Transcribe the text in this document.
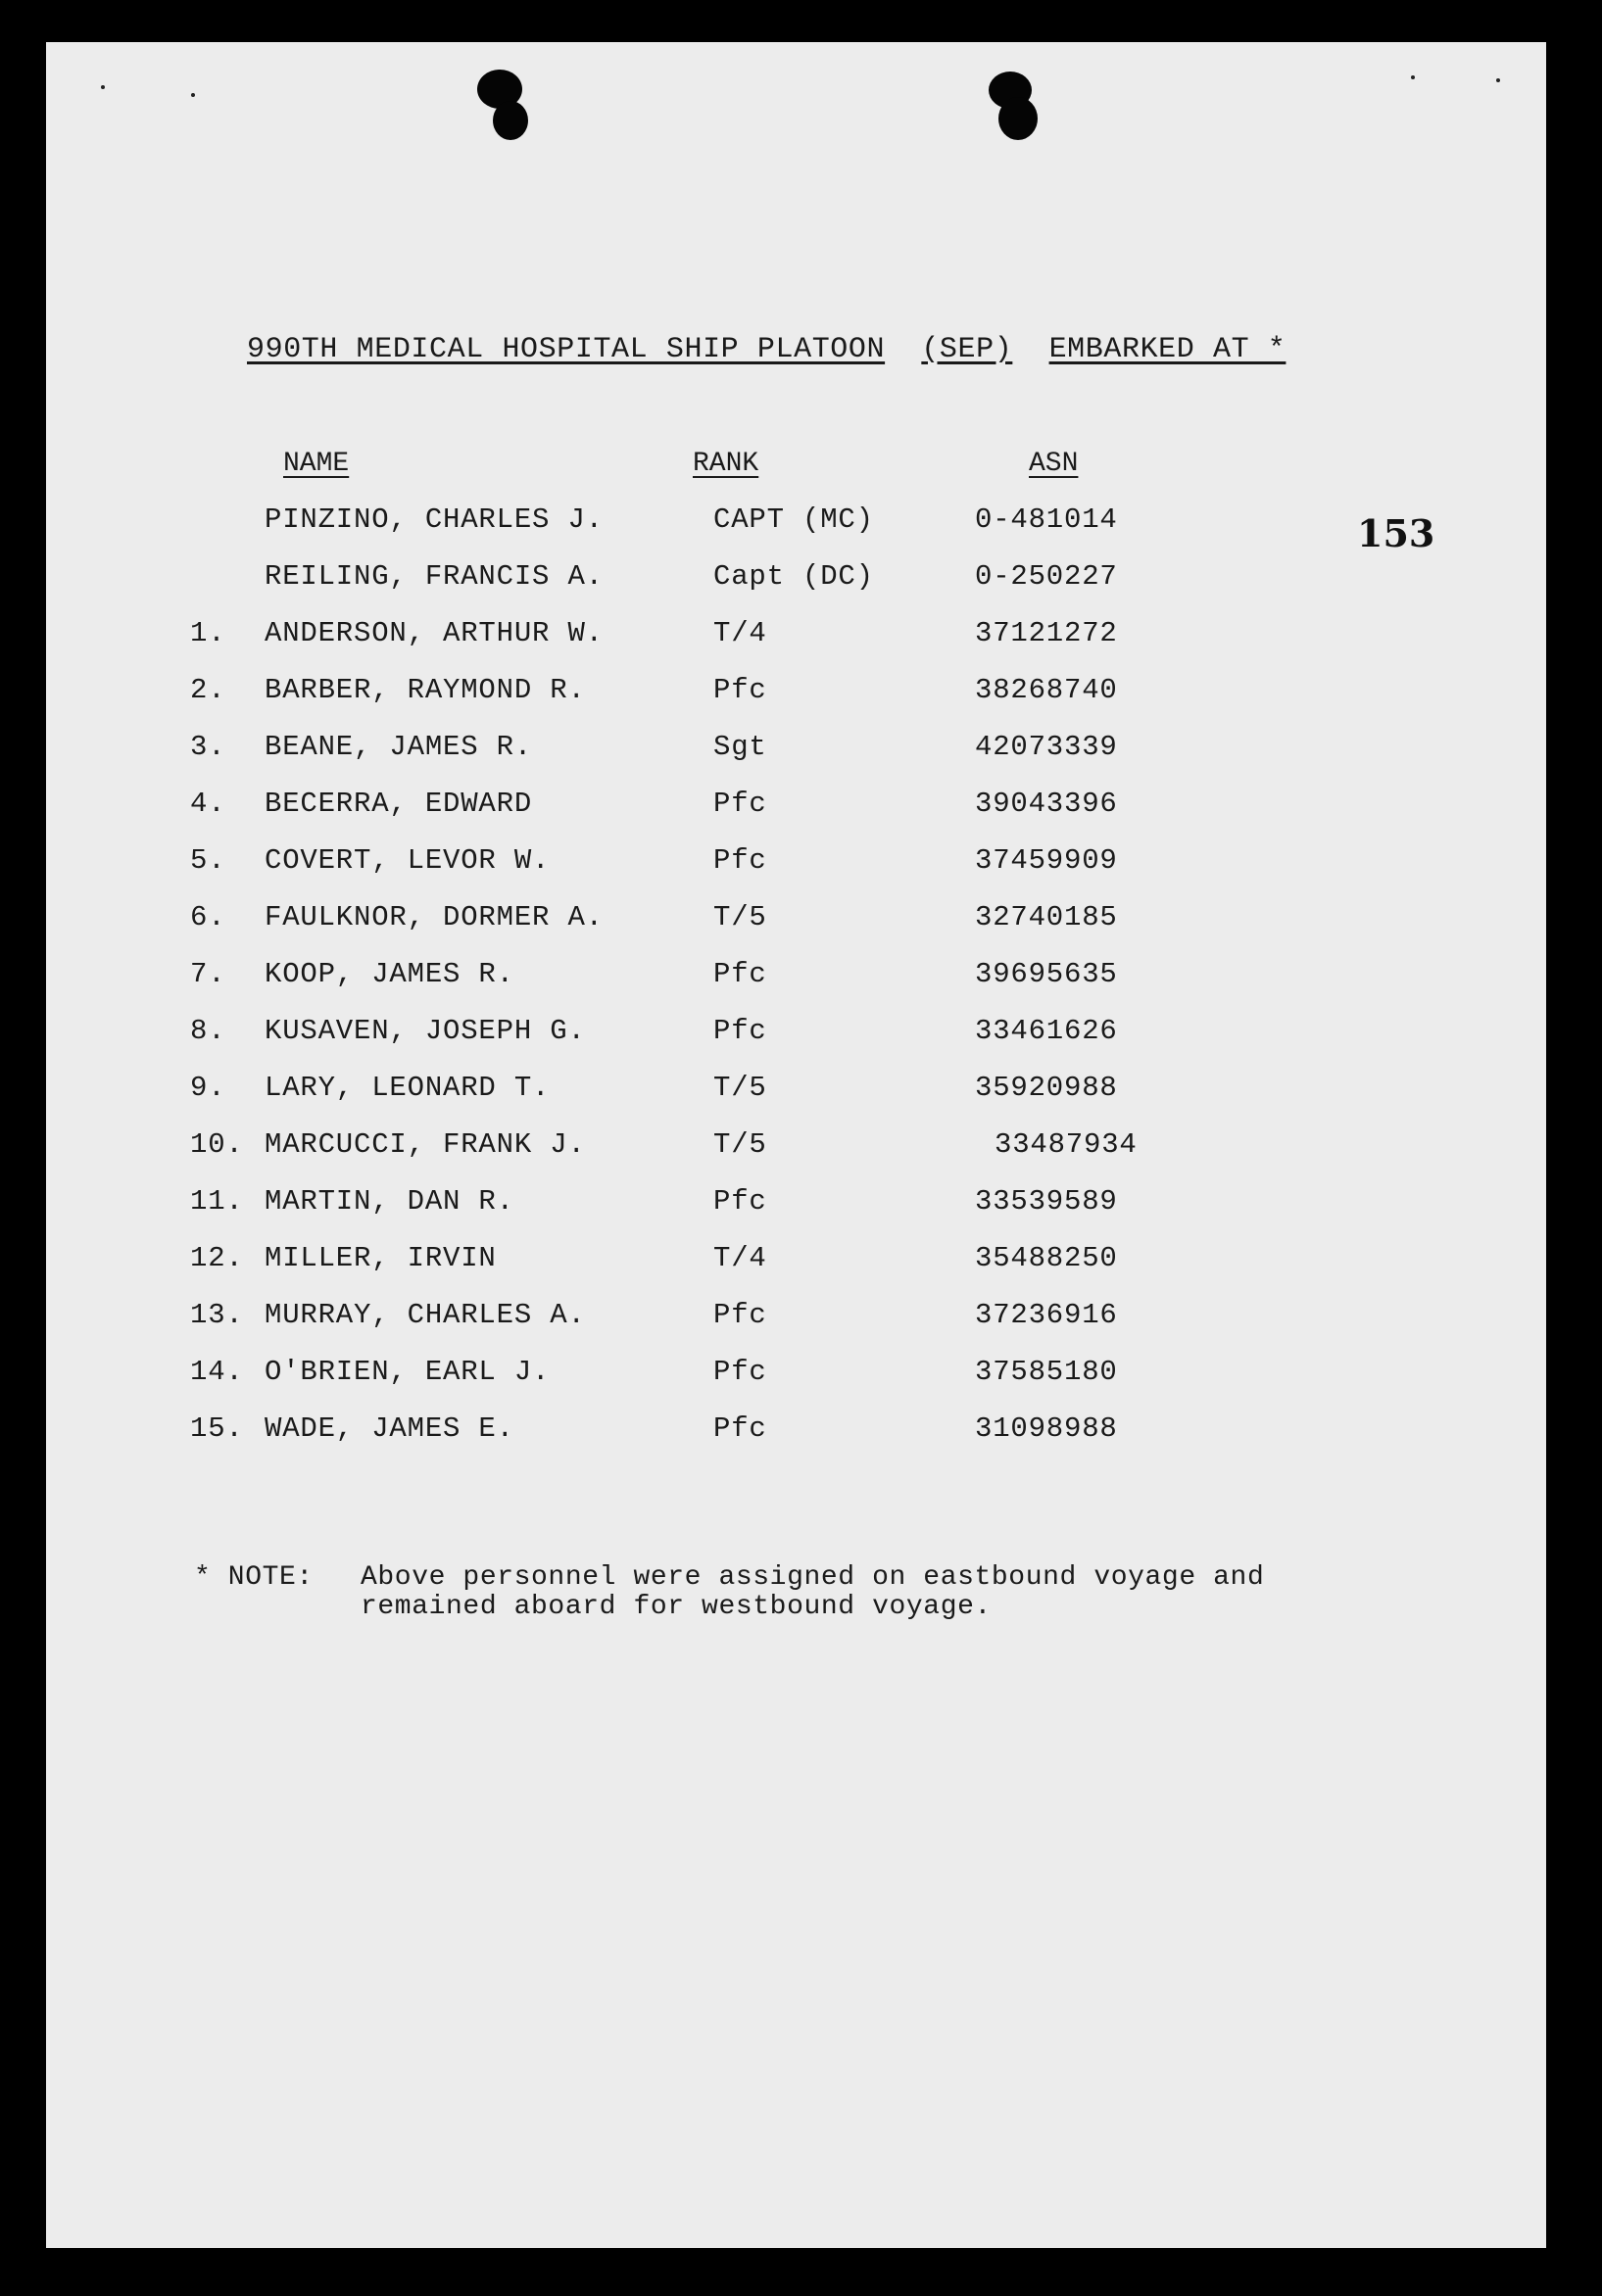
990TH MEDICAL HOSPITAL SHIP PLATOON (SEP) EMBARKED AT *
153
NAME	RANK	ASN
PINZINO, CHARLES J.	CAPT (MC)	0-481014
REILING, FRANCIS A.	Capt (DC)	0-250227
1. ANDERSON, ARTHUR W.	T/4	37121272
2. BARBER, RAYMOND R.	Pfc	38268740
3. BEANE, JAMES R.	Sgt	42073339
4. BECERRA, EDWARD	Pfc	39043396
5. COVERT, LEVOR W.	Pfc	37459909
6. FAULKNOR, DORMER A.	T/5	32740185
7. KOOP, JAMES R.	Pfc	39695635
8. KUSAVEN, JOSEPH G.	Pfc	33461626
9. LARY, LEONARD T.	T/5	35920988
10. MARCUCCI, FRANK J.	T/5	33487934
11. MARTIN, DAN R.	Pfc	33539589
12. MILLER, IRVIN	T/4	35488250
13. MURRAY, CHARLES A.	Pfc	37236916
14. O'BRIEN, EARL J.	Pfc	37585180
15. WADE, JAMES E.	Pfc	31098988
* NOTE: Above personnel were assigned on eastbound voyage and remained aboard for westbound voyage.
